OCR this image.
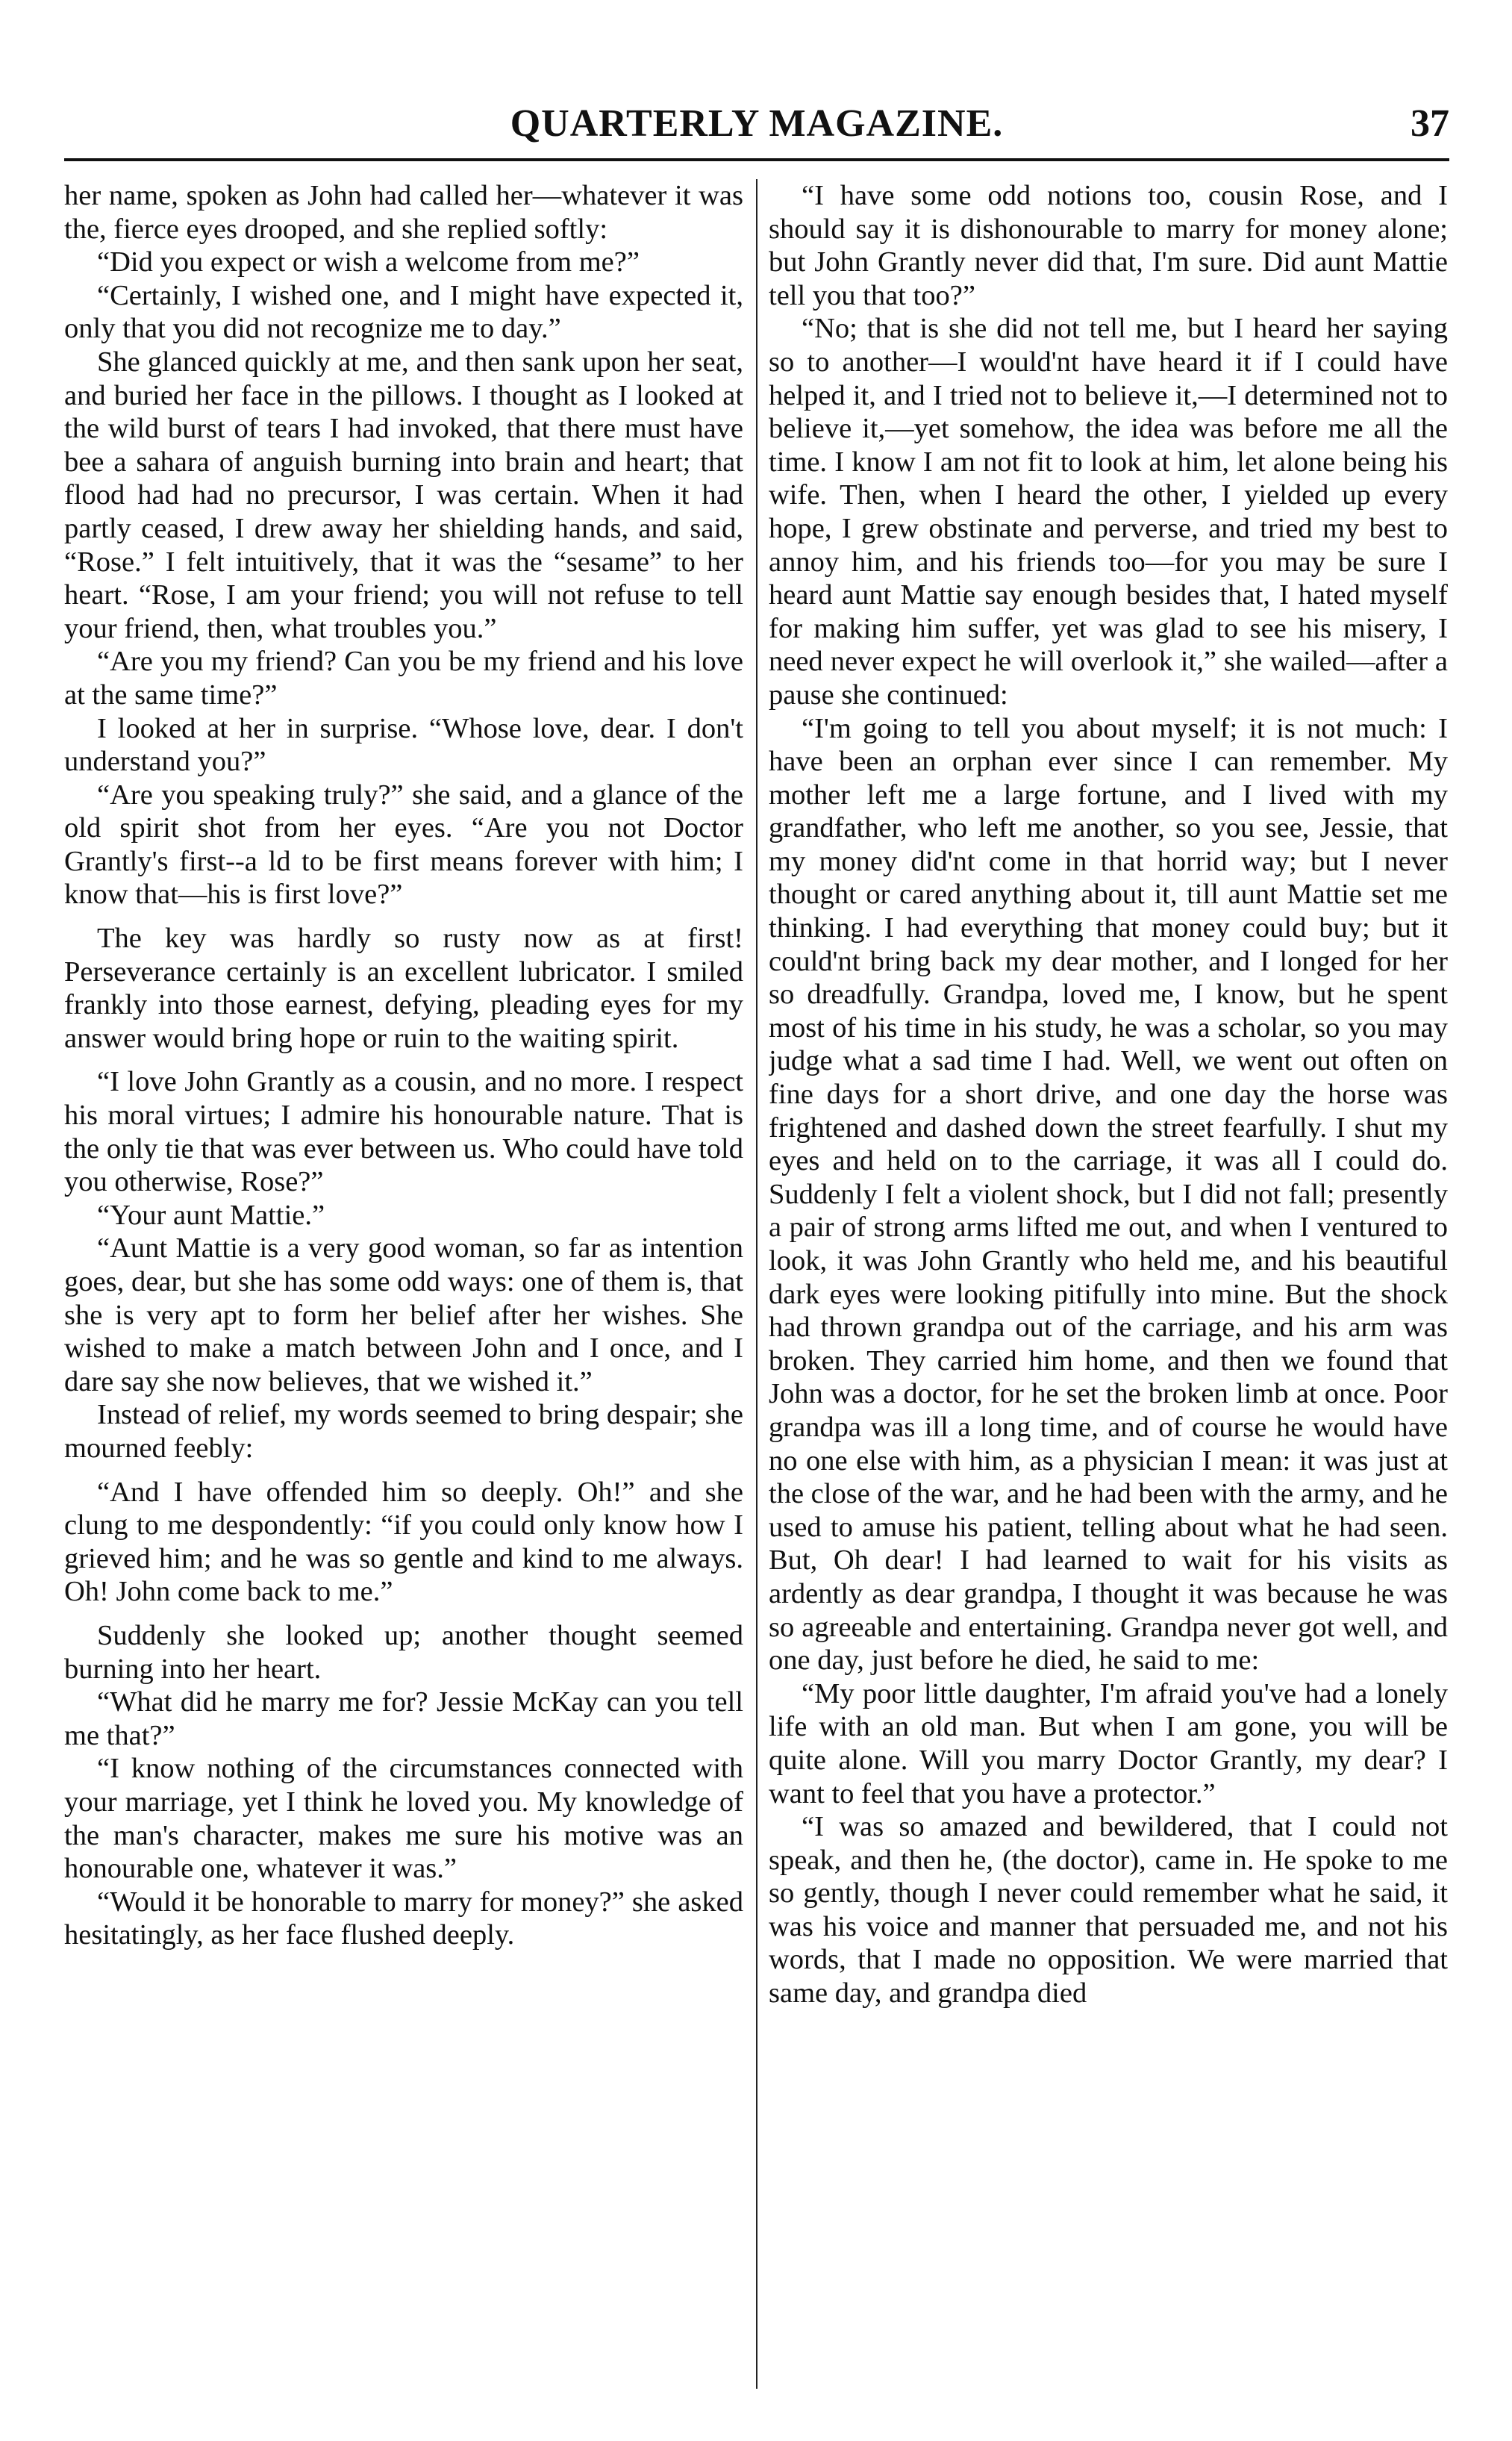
QUARTERLY MAGAZINE.	37

her name, spoken as John had called her—whatever it was the, fierce eyes drooped, and she replied softly:

“Did you expect or wish a welcome from me?”

“Certainly, I wished one, and I might have expected it, only that you did not recognize me to day.”

She glanced quickly at me, and then sank upon her seat, and buried her face in the pillows. I thought as I looked at the wild burst of tears I had invoked, that there must have bee a sahara of anguish burning into brain and heart; that flood had had no precursor, I was certain. When it had partly ceased, I drew away her shielding hands, and said, “Rose.” I felt intuitively, that it was the “sesame” to her heart. “Rose, I am your friend; you will not refuse to tell your friend, then, what troubles you.”

“Are you my friend? Can you be my friend and his love at the same time?”

I looked at her in surprise. “Whose love, dear. I don't understand you?”

“Are you speaking truly?” she said, and a glance of the old spirit shot from her eyes. “Are you not Doctor Grantly's first--a ld to be first means forever with him; I know that—his is first love?”

The key was hardly so rusty now as at first! Perseverance certainly is an excellent lubricator. I smiled frankly into those earnest, defying, pleading eyes for my answer would bring hope or ruin to the waiting spirit.

“I love John Grantly as a cousin, and no more. I respect his moral virtues; I admire his honourable nature. That is the only tie that was ever between us. Who could have told you otherwise, Rose?”

“Your aunt Mattie.”

“Aunt Mattie is a very good woman, so far as intention goes, dear, but she has some odd ways: one of them is, that she is very apt to form her belief after her wishes. She wished to make a match between John and I once, and I dare say she now believes, that we wished it.”

Instead of relief, my words seemed to bring despair; she mourned feebly:

“And I have offended him so deeply. Oh!” and she clung to me despondently: “if you could only know how I grieved him; and he was so gentle and kind to me always. Oh! John come back to me.”

Suddenly she looked up; another thought seemed burning into her heart.

“What did he marry me for? Jessie McKay can you tell me that?”

“I know nothing of the circumstances connected with your marriage, yet I think he loved you. My knowledge of the man's character, makes me sure his motive was an honourable one, whatever it was.”

“Would it be honorable to marry for money?” she asked hesitatingly, as her face flushed deeply.

“I have some odd notions too, cousin Rose, and I should say it is dishonourable to marry for money alone; but John Grantly never did that, I'm sure. Did aunt Mattie tell you that too?”

“No; that is she did not tell me, but I heard her saying so to another—I would'nt have heard it if I could have helped it, and I tried not to believe it,—I determined not to believe it,—yet somehow, the idea was before me all the time. I know I am not fit to look at him, let alone being his wife. Then, when I heard the other, I yielded up every hope, I grew obstinate and perverse, and tried my best to annoy him, and his friends too—for you may be sure I heard aunt Mattie say enough besides that, I hated myself for making him suffer, yet was glad to see his misery, I need never expect he will overlook it,” she wailed—after a pause she continued:

“I'm going to tell you about myself; it is not much: I have been an orphan ever since I can remember. My mother left me a large fortune, and I lived with my grandfather, who left me another, so you see, Jessie, that my money did'nt come in that horrid way; but I never thought or cared anything about it, till aunt Mattie set me thinking. I had everything that money could buy; but it could'nt bring back my dear mother, and I longed for her so dreadfully. Grandpa, loved me, I know, but he spent most of his time in his study, he was a scholar, so you may judge what a sad time I had. Well, we went out often on fine days for a short drive, and one day the horse was frightened and dashed down the street fearfully. I shut my eyes and held on to the carriage, it was all I could do. Suddenly I felt a violent shock, but I did not fall; presently a pair of strong arms lifted me out, and when I ventured to look, it was John Grantly who held me, and his beautiful dark eyes were looking pitifully into mine. But the shock had thrown grandpa out of the carriage, and his arm was broken. They carried him home, and then we found that John was a doctor, for he set the broken limb at once. Poor grandpa was ill a long time, and of course he would have no one else with him, as a physician I mean: it was just at the close of the war, and he had been with the army, and he used to amuse his patient, telling about what he had seen. But, Oh dear! I had learned to wait for his visits as ardently as dear grandpa, I thought it was because he was so agreeable and entertaining. Grandpa never got well, and one day, just before he died, he said to me:

“My poor little daughter, I'm afraid you've had a lonely life with an old man. But when I am gone, you will be quite alone. Will you marry Doctor Grantly, my dear? I want to feel that you have a protector.”

“I was so amazed and bewildered, that I could not speak, and then he, (the doctor), came in. He spoke to me so gently, though I never could remember what he said, it was his voice and manner that persuaded me, and not his words, that I made no opposition. We were married that same day, and grandpa died
